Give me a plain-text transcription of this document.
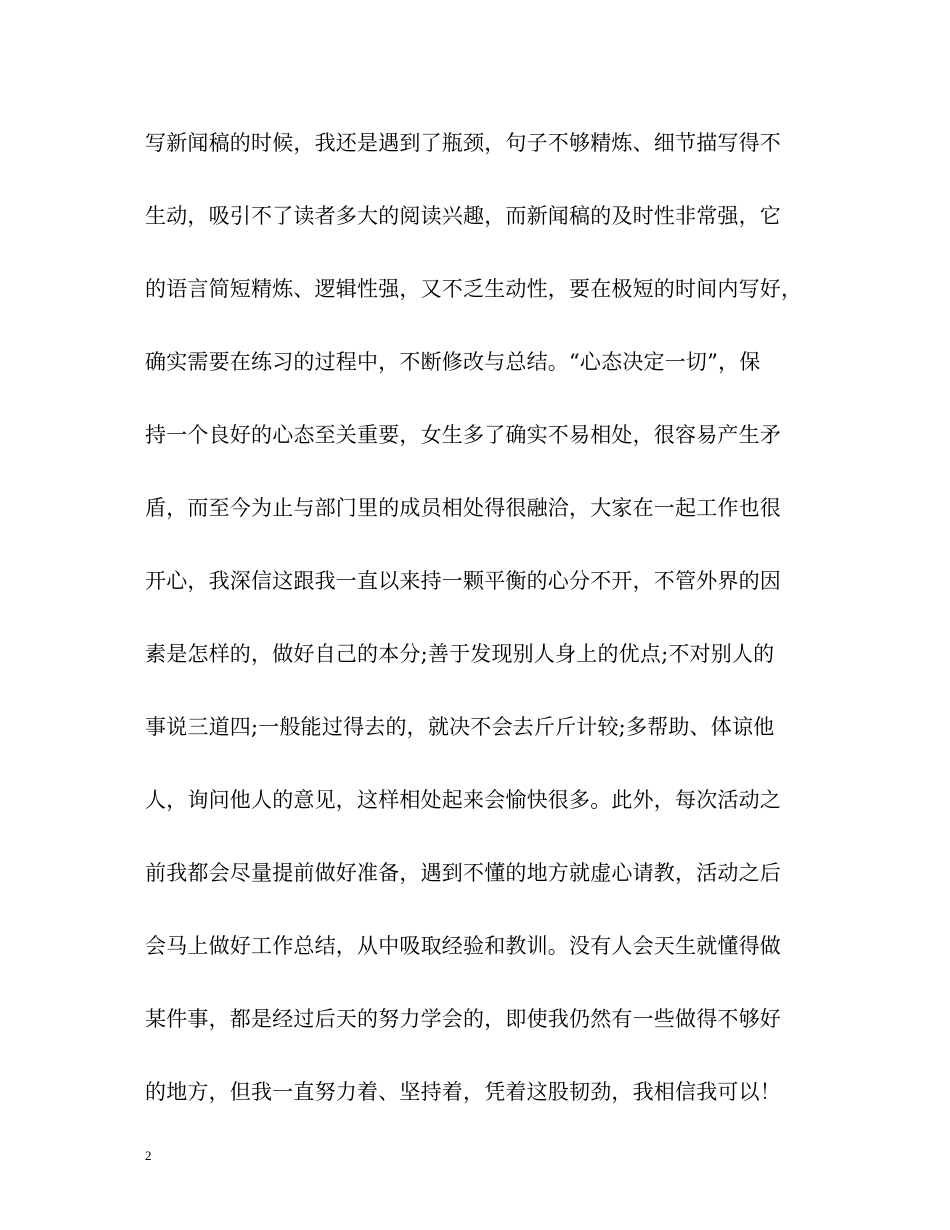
写新闻稿的时候，我还是遇到了瓶颈，句子不够精炼、细节描写得不
生动，吸引不了读者多大的阅读兴趣，而新闻稿的及时性非常强，它
的语言简短精炼、逻辑性强，又不乏生动性，要在极短的时间内写好，
确实需要在练习的过程中，不断修改与总结。“心态决定一切”，保
持一个良好的心态至关重要，女生多了确实不易相处，很容易产生矛
盾，而至今为止与部门里的成员相处得很融洽，大家在一起工作也很
开心，我深信这跟我一直以来持一颗平衡的心分不开，不管外界的因
素是怎样的，做好自己的本分;善于发现别人身上的优点;不对别人的
事说三道四;一般能过得去的，就决不会去斤斤计较;多帮助、体谅他
人，询问他人的意见，这样相处起来会愉快很多。此外，每次活动之
前我都会尽量提前做好准备，遇到不懂的地方就虚心请教，活动之后
会马上做好工作总结，从中吸取经验和教训。没有人会天生就懂得做
某件事，都是经过后天的努力学会的，即使我仍然有一些做得不够好
的地方，但我一直努力着、坚持着，凭着这股韧劲，我相信我可以！
2
